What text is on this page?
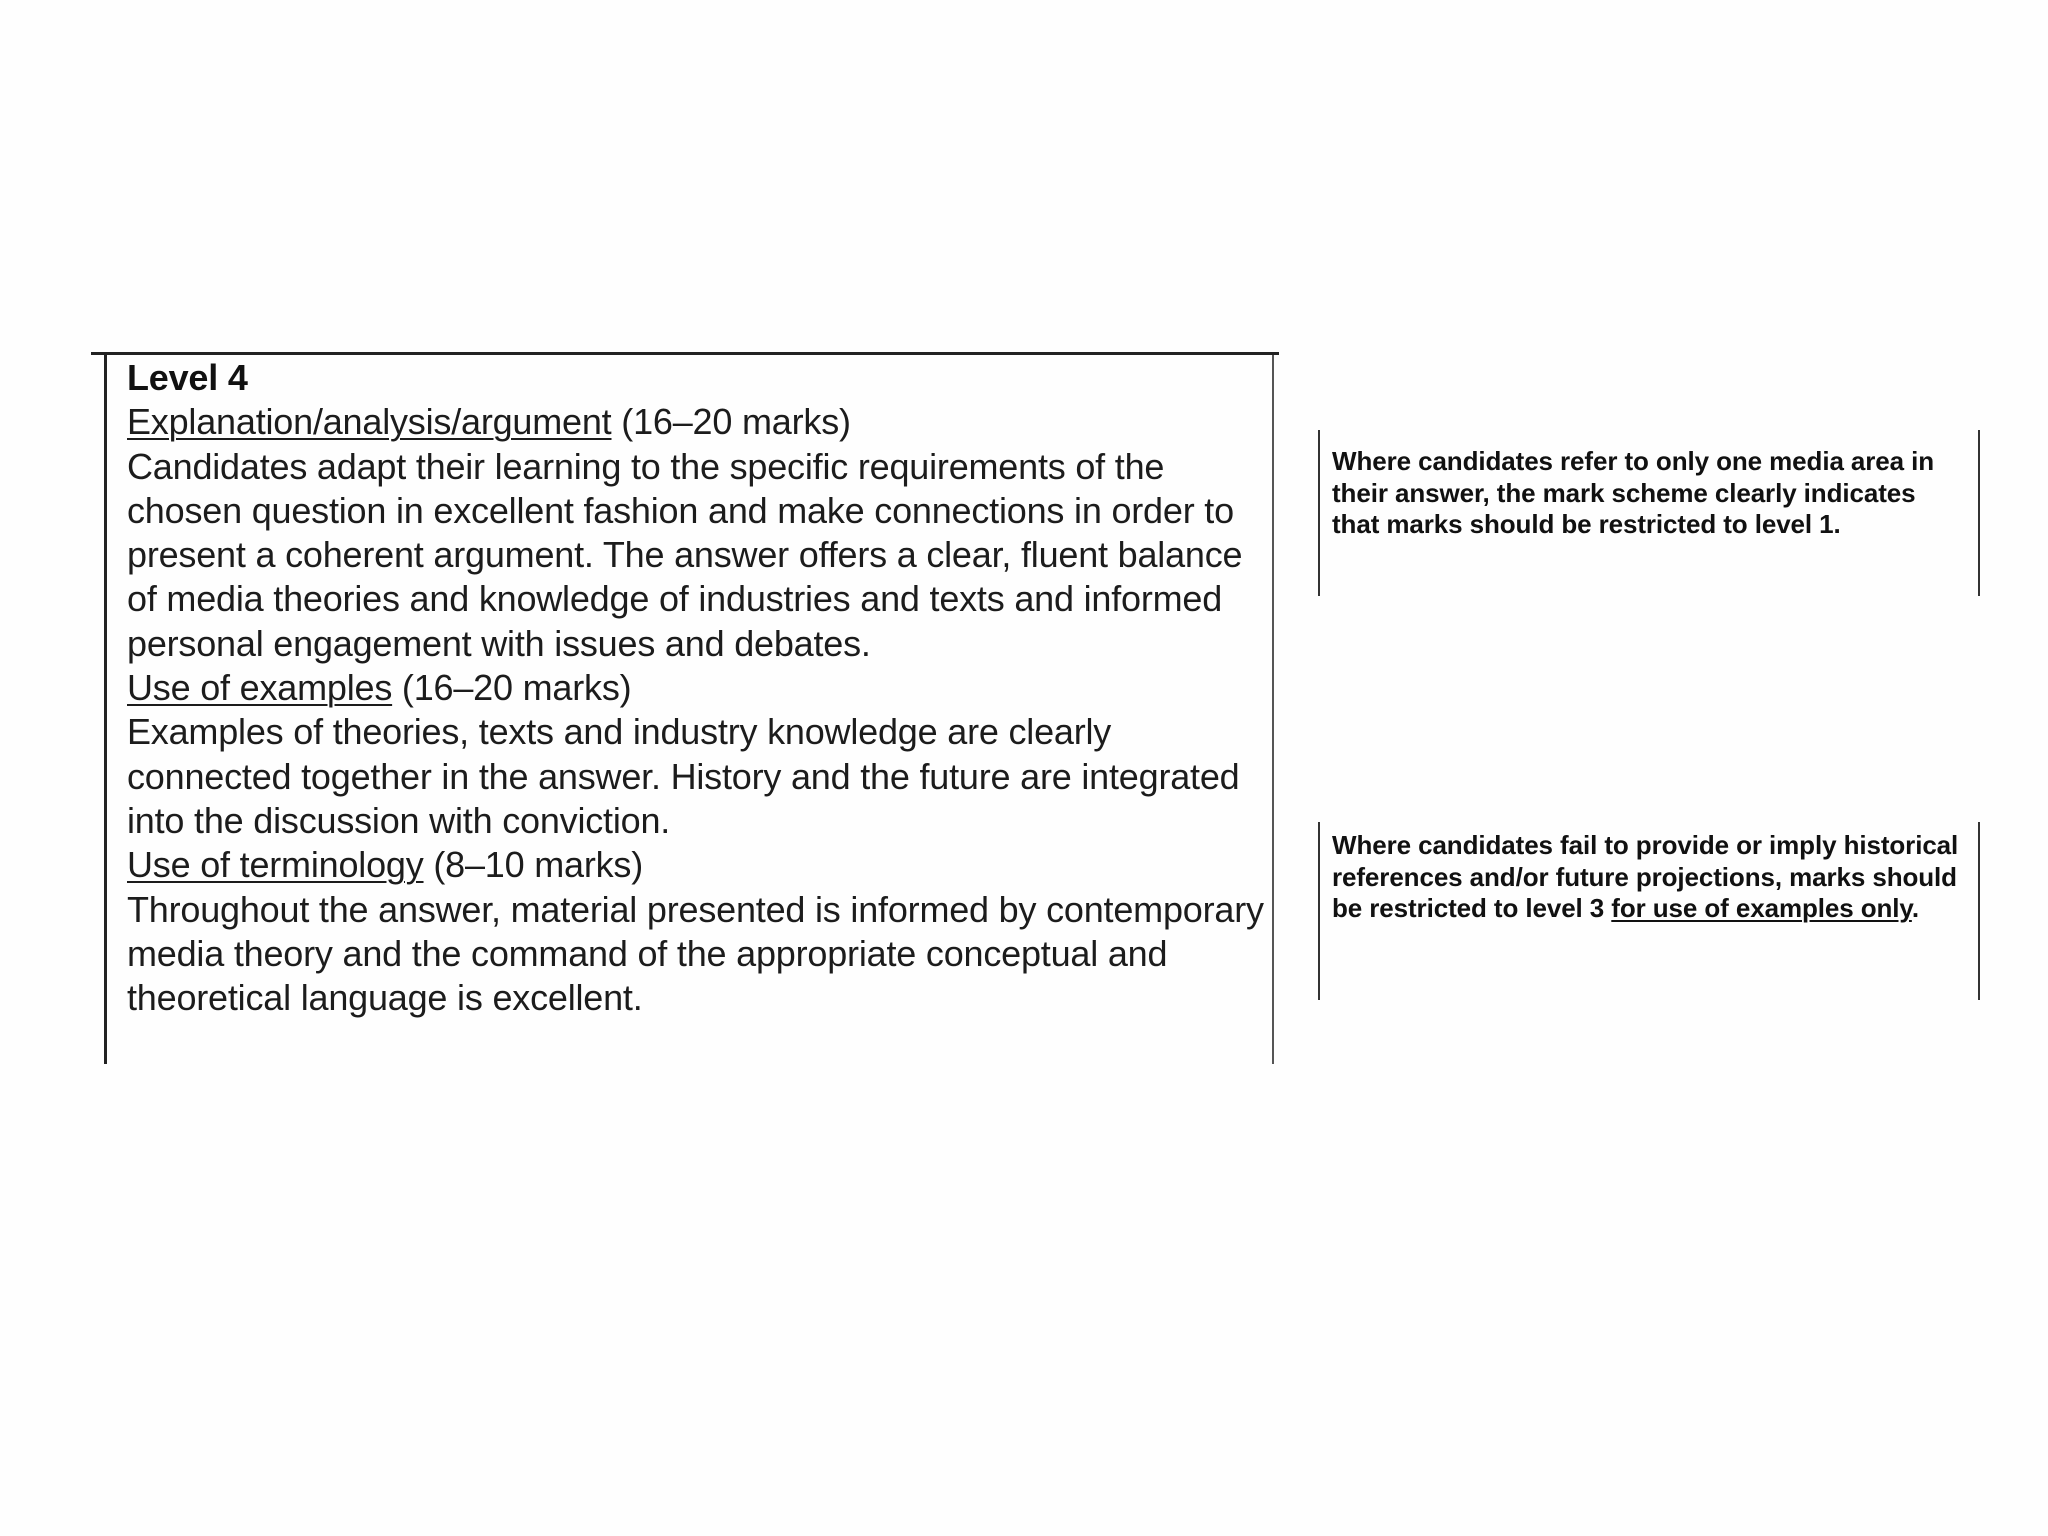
Level 4

Explanation/analysis/argument (16–20 marks)

Candidates adapt their learning to the specific requirements of the chosen question in excellent fashion and make connections in order to present a coherent argument. The answer offers a clear, fluent balance of media theories and knowledge of industries and texts and informed personal engagement with issues and debates.

Use of examples (16–20 marks)

Examples of theories, texts and industry knowledge are clearly connected together in the answer. History and the future are integrated into the discussion with conviction.

Use of terminology (8–10 marks)

Throughout the answer, material presented is informed by contemporary media theory and the command of the appropriate conceptual and theoretical language is excellent.

Where candidates refer to only one media area in their answer, the mark scheme clearly indicates that marks should be restricted to level 1.
Where candidates fail to provide or imply historical references and/or future projections, marks should be restricted to level 3 for use of examples only.
